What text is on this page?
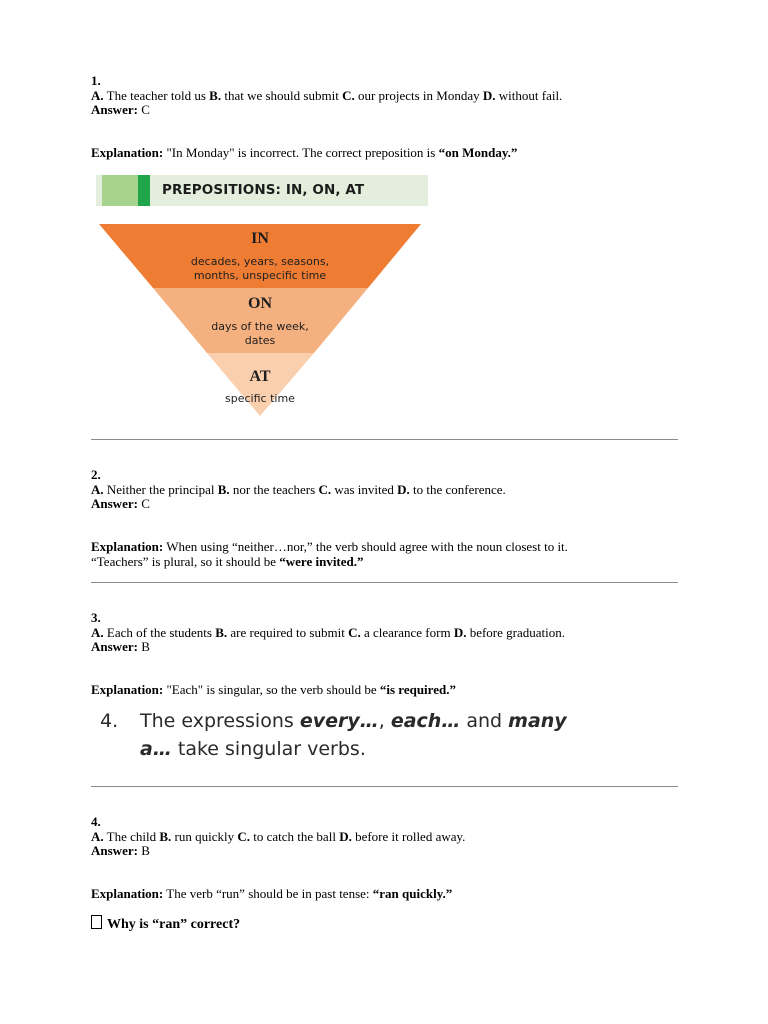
1.
A. The teacher told us B. that we should submit C. our projects in Monday D. without fail.
Answer: C
Explanation: "In Monday" is incorrect. The correct preposition is “on Monday.”
PREPOSITIONS: IN, ON, AT
IN
decades, years, seasons,
months, unspecific time
ON
days of the week,
dates
AT
specific time
2.
A. Neither the principal B. nor the teachers C. was invited D. to the conference.
Answer: C
Explanation: When using “neither…nor,” the verb should agree with the noun closest to it.
“Teachers” is plural, so it should be “were invited.”
3.
A. Each of the students B. are required to submit C. a clearance form D. before graduation.
Answer: B
Explanation: "Each" is singular, so the verb should be “is required.”
4. The expressions every…, each… and many
a… take singular verbs.
4.
A. The child B. run quickly C. to catch the ball D. before it rolled away.
Answer: B
Explanation: The verb “run” should be in past tense: “ran quickly.”
Why is “ran” correct?
